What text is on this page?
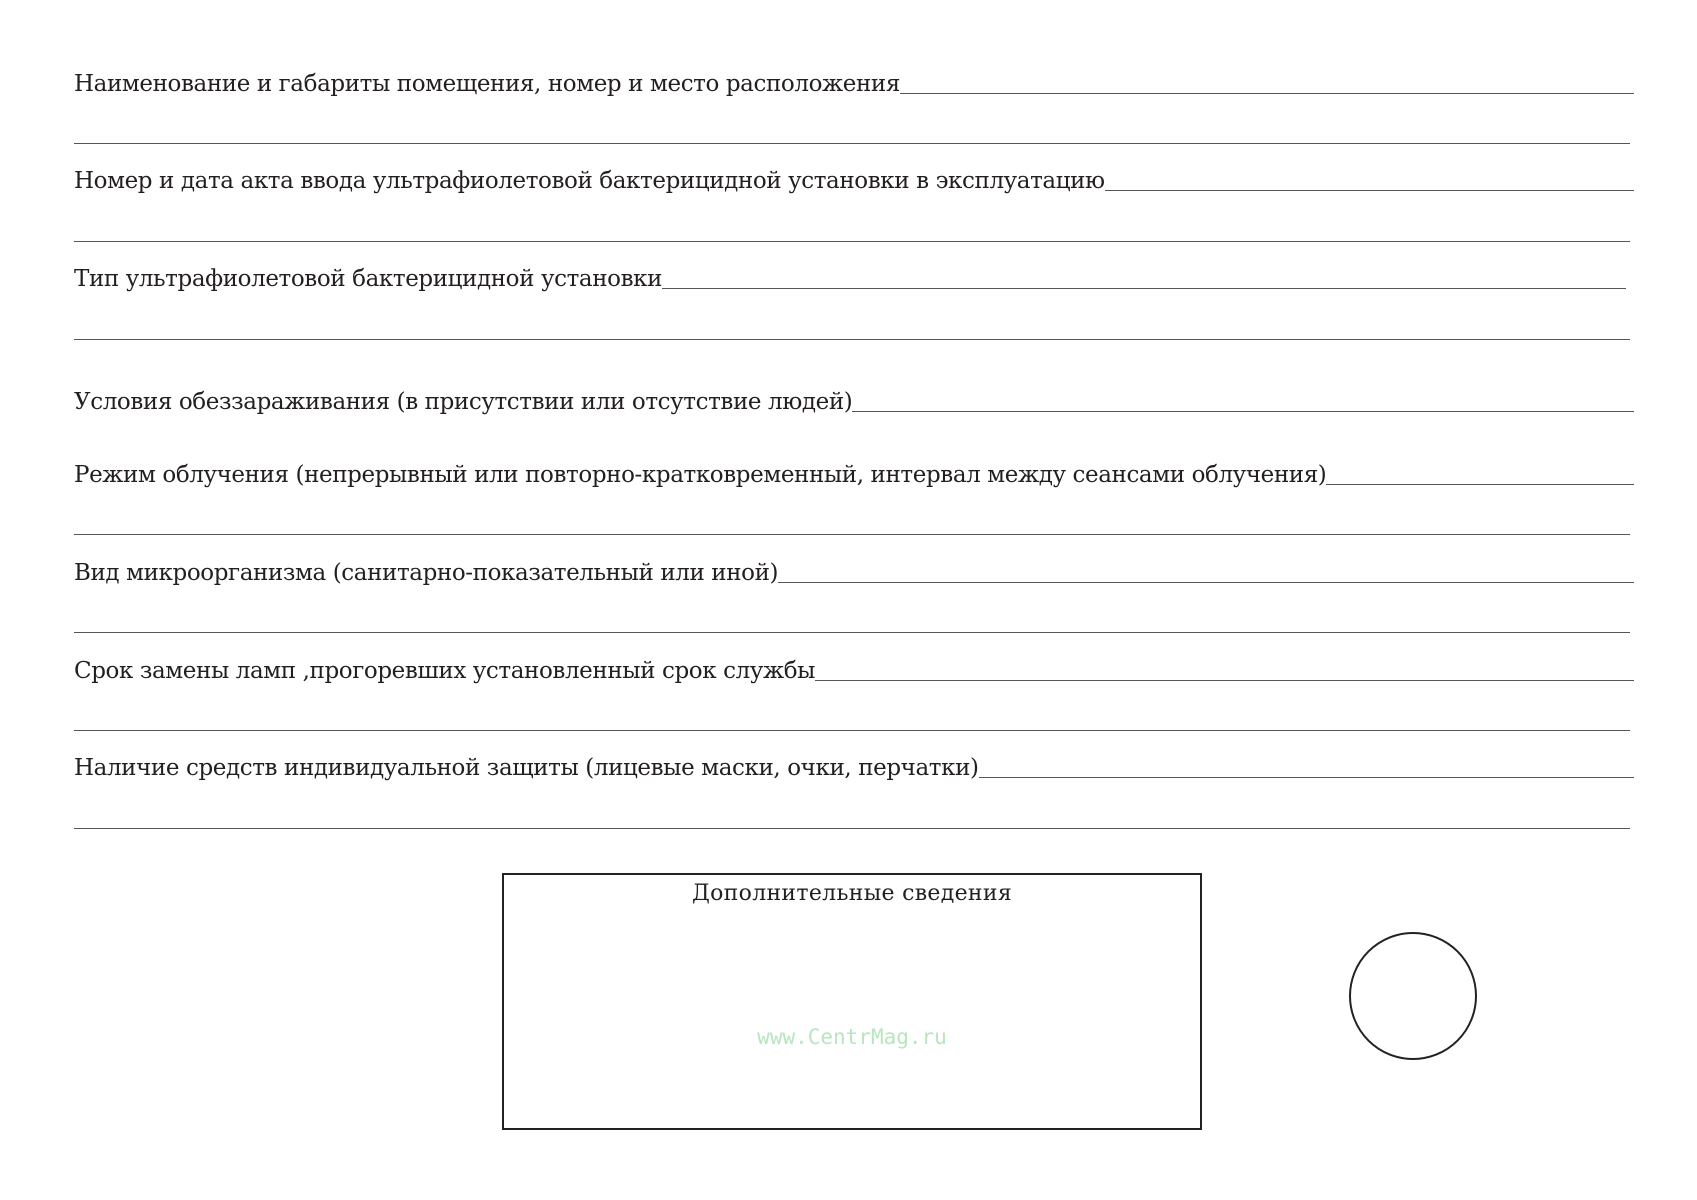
Наименование и габариты помещения, номер и место расположения
Номер и дата акта ввода ультрафиолетовой бактерицидной установки в эксплуатацию
Тип ультрафиолетовой бактерицидной установки
Условия обеззараживания (в присутствии или отсутствие людей)
Режим облучения (непрерывный или повторно-кратковременный, интервал между сеансами облучения)
Вид микроорганизма (санитарно-показательный или иной)
Срок замены ламп ,прогоревших установленный срок службы
Наличие средств индивидуальной защиты (лицевые маски, очки, перчатки)
Дополнительные сведения
www.CentrMag.ru
